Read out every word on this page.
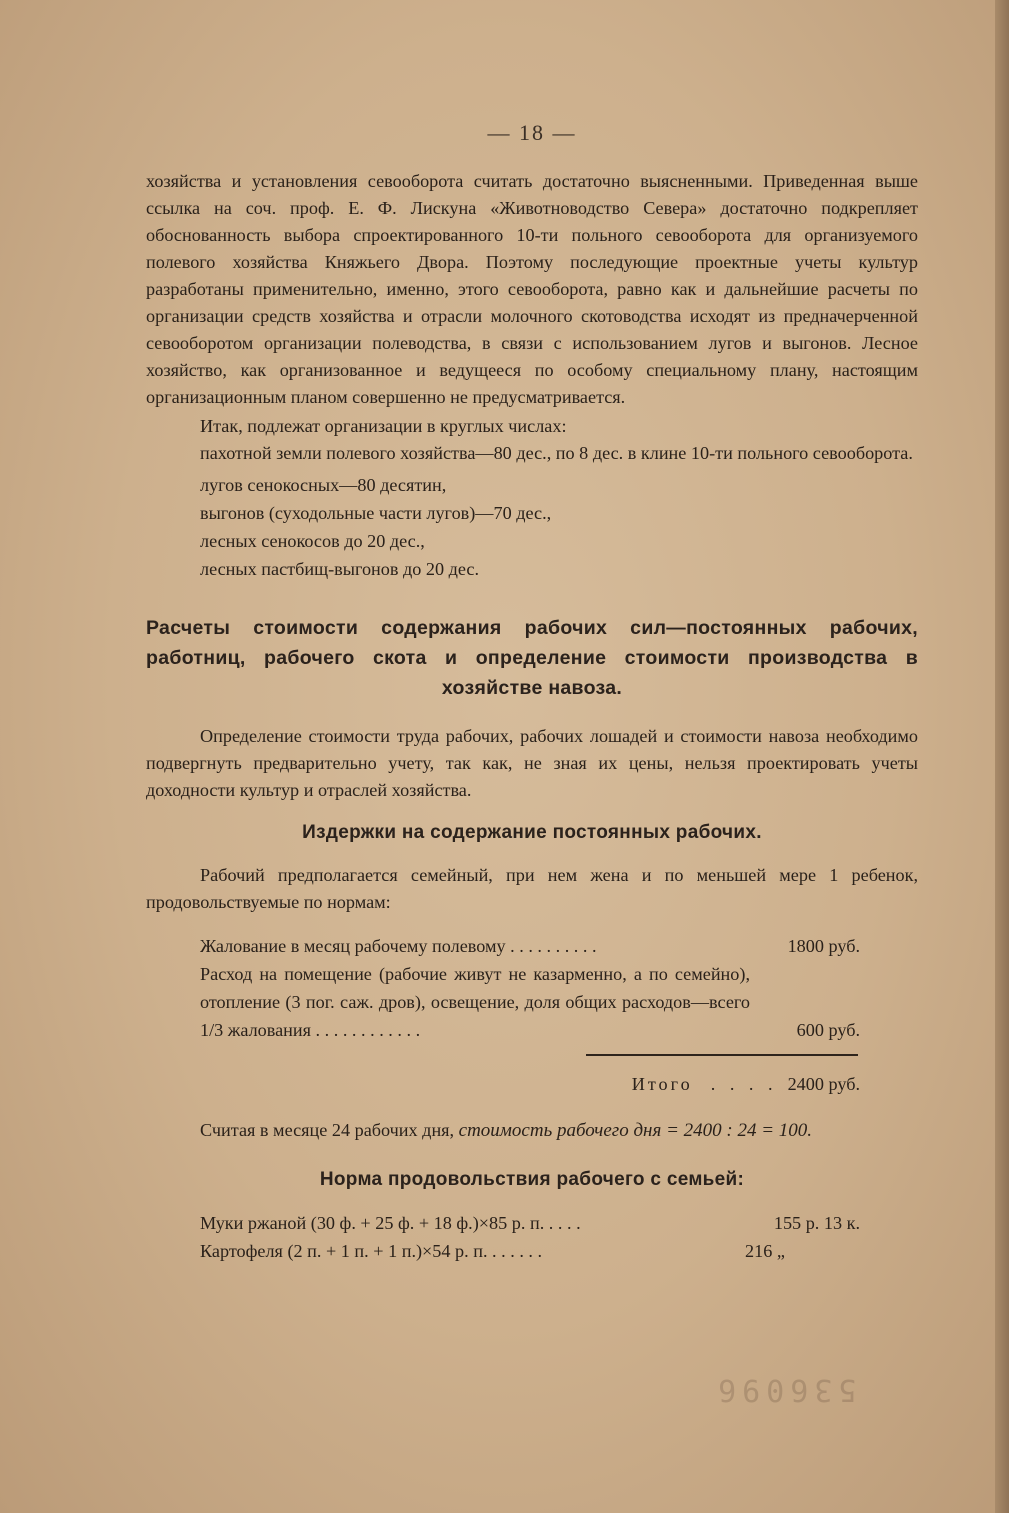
— 18 —

хозяйства и установления севооборота считать достаточно выясненными. Приведенная выше ссылка на соч. проф. Е. Ф. Лискуна «Животноводство Севера» достаточно подкрепляет обоснованность выбора спроектированного 10-ти польного севооборота для организуемого полевого хозяйства Княжьего Двора. Поэтому последующие проектные учеты культур разработаны применительно, именно, этого севооборота, равно как и дальнейшие расчеты по организации средств хозяйства и отрасли молочного скотоводства исходят из предначерченной севооборотом организации полеводства, в связи с использованием лугов и выгонов. Лесное хозяйство, как организованное и ведущееся по особому специальному плану, настоящим организационным планом совершенно не предусматривается.

Итак, подлежат организации в круглых числах:

пахотной земли полевого хозяйства—80 дес., по 8 дес. в клине 10-ти польного севооборота.

лугов сенокосных—80 десятин,
выгонов (суходольные части лугов)—70 дес.,
лесных сенокосов до 20 дес.,
лесных пастбищ-выгонов до 20 дес.
Расчеты стоимости содержания рабочих сил—постоянных рабочих, работниц, рабочего скота и определение стоимости производства в хозяйстве навоза.

Определение стоимости труда рабочих, рабочих лошадей и стоимости навоза необходимо подвергнуть предварительно учету, так как, не зная их цены, нельзя проектировать учеты доходности культур и отраслей хозяйства.

Издержки на содержание постоянных рабочих.

Рабочий предполагается семейный, при нем жена и по меньшей мере 1 ребенок, продовольствуемые по нормам:

Жалование в месяц рабочему полевому . . . . . . . . . .	1800 руб.
Расход на помещение (рабочие живут не казарменно, а по семейно), отопление (3 пог. саж. дров), освещение, доля общих расходов—всего 1/3 жалования . . . . . . . . . . . .	600 руб.
Итого . . . . 2400 руб.
Считая в месяце 24 рабочих дня, стоимость рабочего дня = 2400 : 24 = 100.
Норма продовольствия рабочего с семьей:
Муки ржаной (30 ф. + 25 ф. + 18 ф.)×85 р. п. . . . .	155 р. 13 к.
Картофеля (2 п. + 1 п. + 1 п.)×54 р. п. . . . . . .	216 „
536096
